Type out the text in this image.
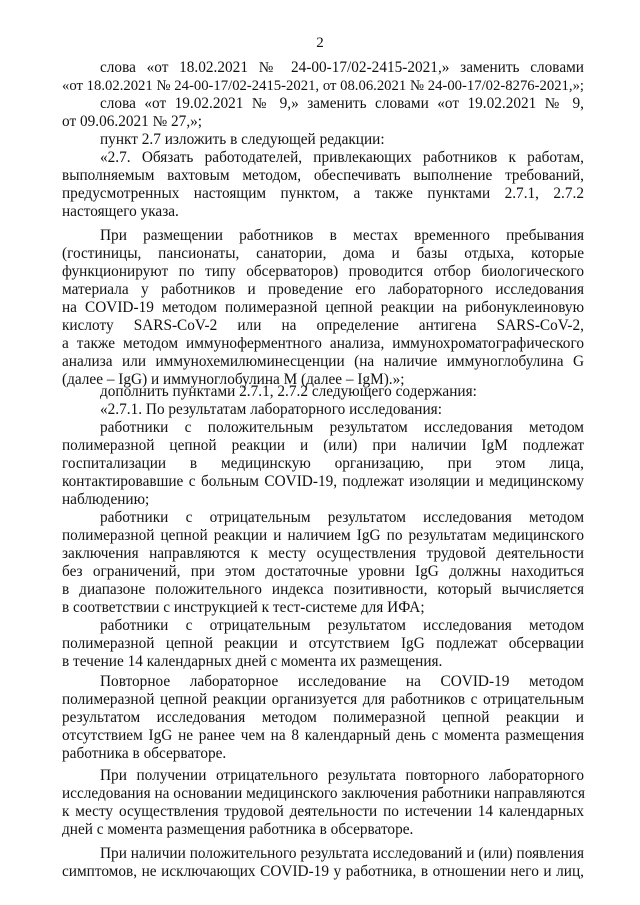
2
слова «от 18.02.2021 № 24-00-17/02-2415-2021,» заменить словами
«от 18.02.2021 № 24-00-17/02-2415-2021, от 08.06.2021 № 24-00-17/02-8276-2021,»;
слова «от 19.02.2021 № 9,» заменить словами «от 19.02.2021 № 9,
от 09.06.2021 № 27,»;
пункт 2.7 изложить в следующей редакции:
«2.7. Обязать работодателей, привлекающих работников к работам,
выполняемым вахтовым методом, обеспечивать выполнение требований,
предусмотренных настоящим пунктом, а также пунктами 2.7.1, 2.7.2
настоящего указа.
При размещении работников в местах временного пребывания
(гостиницы, пансионаты, санатории, дома и базы отдыха, которые
функционируют по типу обсерваторов) проводится отбор биологического
материала у работников и проведение его лабораторного исследования
на COVID-19 методом полимеразной цепной реакции на рибонуклеиновую
кислоту SARS-CoV-2 или на определение антигена SARS-CoV-2,
а также методом иммуноферментного анализа, иммунохроматографического
анализа или иммунохемилюминесценции (на наличие иммуноглобулина G
(далее – IgG) и иммуноглобулина M (далее – IgM).»;
дополнить пунктами 2.7.1, 2.7.2 следующего содержания:
«2.7.1. По результатам лабораторного исследования:
работники с положительным результатом исследования методом
полимеразной цепной реакции и (или) при наличии IgM подлежат
госпитализации в медицинскую организацию, при этом лица,
контактировавшие с больным COVID-19, подлежат изоляции и медицинскому
наблюдению;
работники с отрицательным результатом исследования методом
полимеразной цепной реакции и наличием IgG по результатам медицинского
заключения направляются к месту осуществления трудовой деятельности
без ограничений, при этом достаточные уровни IgG должны находиться
в диапазоне положительного индекса позитивности, который вычисляется
в соответствии с инструкцией к тест-системе для ИФА;
работники с отрицательным результатом исследования методом
полимеразной цепной реакции и отсутствием IgG подлежат обсервации
в течение 14 календарных дней с момента их размещения.
Повторное лабораторное исследование на COVID-19 методом
полимеразной цепной реакции организуется для работников с отрицательным
результатом исследования методом полимеразной цепной реакции и
отсутствием IgG не ранее чем на 8 календарный день с момента размещения
работника в обсерваторе.
При получении отрицательного результата повторного лабораторного
исследования на основании медицинского заключения работники направляются
к месту осуществления трудовой деятельности по истечении 14 календарных
дней с момента размещения работника в обсерваторе.
При наличии положительного результата исследований и (или) появления
симптомов, не исключающих COVID-19 у работника, в отношении него и лиц,
